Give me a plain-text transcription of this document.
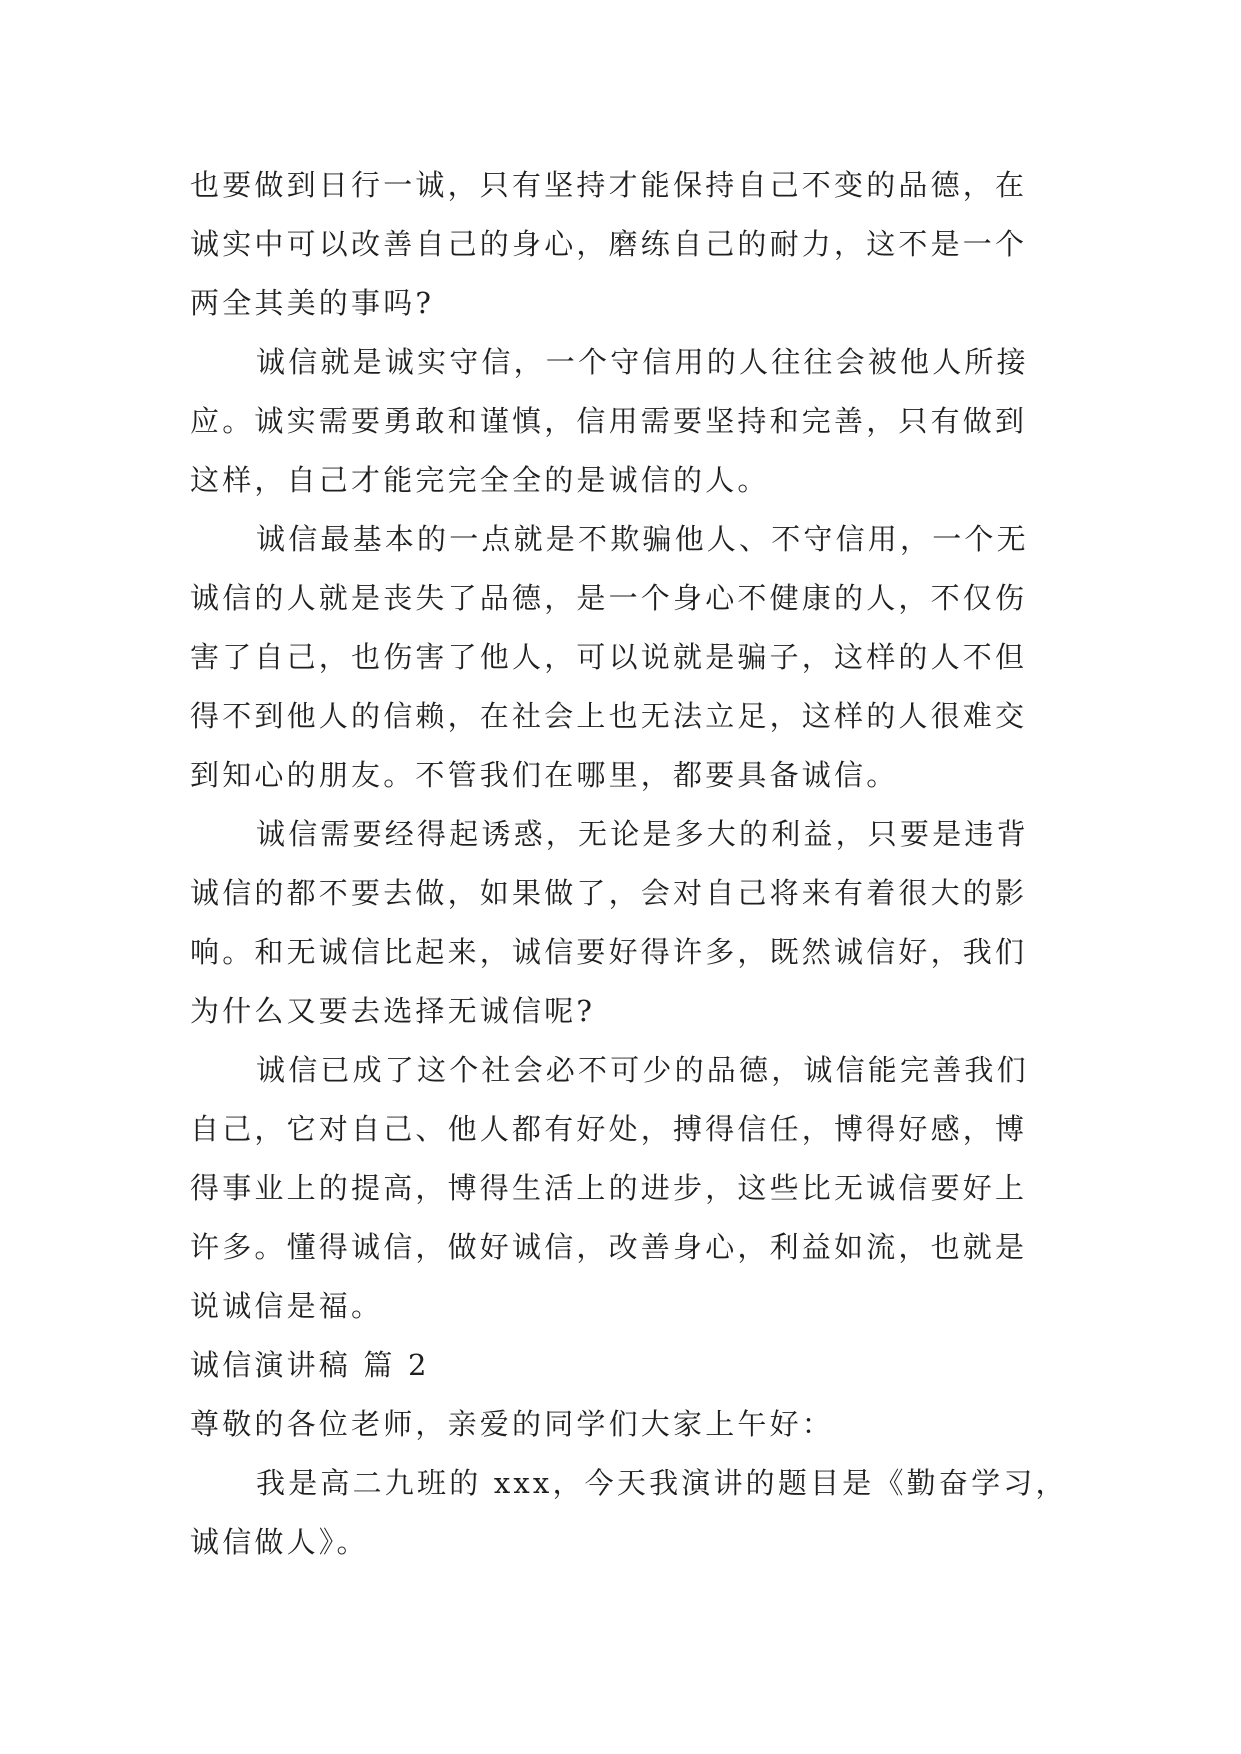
也要做到日行一诚，只有坚持才能保持自己不变的品德，在
诚实中可以改善自己的身心，磨练自己的耐力，这不是一个
两全其美的事吗?
诚信就是诚实守信，一个守信用的人往往会被他人所接
应。诚实需要勇敢和谨慎，信用需要坚持和完善，只有做到
这样，自己才能完完全全的是诚信的人。
诚信最基本的一点就是不欺骗他人、不守信用，一个无
诚信的人就是丧失了品德，是一个身心不健康的人，不仅伤
害了自己，也伤害了他人，可以说就是骗子，这样的人不但
得不到他人的信赖，在社会上也无法立足，这样的人很难交
到知心的朋友。不管我们在哪里，都要具备诚信。
诚信需要经得起诱惑，无论是多大的利益，只要是违背
诚信的都不要去做，如果做了，会对自己将来有着很大的影
响。和无诚信比起来，诚信要好得许多，既然诚信好，我们
为什么又要去选择无诚信呢?
诚信已成了这个社会必不可少的品德，诚信能完善我们
自己，它对自己、他人都有好处，搏得信任，博得好感，博
得事业上的提高，博得生活上的进步，这些比无诚信要好上
许多。懂得诚信，做好诚信，改善身心，利益如流，也就是
说诚信是福。
诚信演讲稿 篇 2
尊敬的各位老师，亲爱的同学们大家上午好：
我是高二九班的 xxx，今天我演讲的题目是《勤奋学习，
诚信做人》。
